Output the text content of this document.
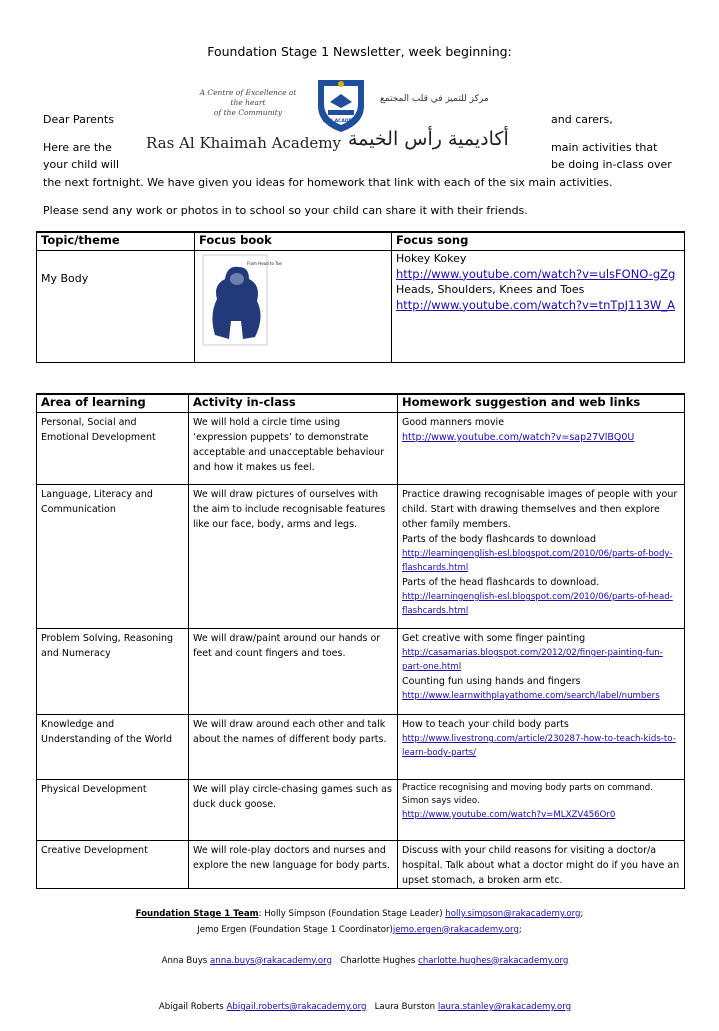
Foundation Stage 1 Newsletter, week beginning:
A Centre of Excellence at the heart
of the Community
RAK ACADEMY
مركز للتميز في قلب المجتمع
Ras Al Khaimah Academy أكاديمية رأس الخيمة
Dear Parents	and carers,
Here are the	main activities that
your child will	be doing in-class over
the next fortnight. We have given you ideas for homework that link with each of the six main activities.
Please send any work or photos in to school so your child can share it with their friends.
Topic/theme	Focus book	Focus song

My Body	From Head to Toe	Hokey Kokey
http://www.youtube.com/watch?v=ulsFONO-gZg
Heads, Shoulders, Knees and Toes
http://www.youtube.com/watch?v=tnTpJ113W_A
Area of learning	Activity in-class	Homework suggestion and web links
Personal, Social and Emotional Development	We will hold a circle time using ‘expression puppets’ to demonstrate acceptable and unacceptable behaviour and how it makes us feel.	Good manners movie
http://www.youtube.com/watch?v=sap27VlBQ0U

Language, Literacy and Communication	We will draw pictures of ourselves with the aim to include recognisable features like our face, body, arms and legs.	Practice drawing recognisable images of people with your child. Start with drawing themselves and then explore other family members.
Parts of the body flashcards to download
http://learningenglish-esl.blogspot.com/2010/06/parts-of-body-flashcards.html
Parts of the head flashcards to download.
http://learningenglish-esl.blogspot.com/2010/06/parts-of-head-flashcards.html

Problem Solving, Reasoning and Numeracy	We will draw/paint around our hands or feet and count fingers and toes.	Get creative with some finger painting
http://casamarias.blogspot.com/2012/02/finger-painting-fun-part-one.html
Counting fun using hands and fingers
http://www.learnwithplayathome.com/search/label/numbers

Knowledge and Understanding of the World	We will draw around each other and talk about the names of different body parts.	How to teach your child body parts
http://www.livestrong.com/article/230287-how-to-teach-kids-to-learn-body-parts/

Physical Development	We will play circle-chasing games such as duck duck goose.	Practice recognising and moving body parts on command. Simon says video.
http://www.youtube.com/watch?v=MLXZV456Or0

Creative Development	We will role-play doctors and nurses and explore the new language for body parts.	Discuss with your child reasons for visiting a doctor/a hospital. Talk about what a doctor might do if you have an upset stomach, a broken arm etc.
Foundation Stage 1 Team: Holly Simpson (Foundation Stage Leader) holly.simpson@rakacademy.org;
Jemo Ergen (Foundation Stage 1 Coordinator)jemo.ergen@rakacademy.org;

Anna Buys anna.buys@rakacademy.org   Charlotte Hughes charlotte.hughes@rakacademy.org

Abigail Roberts Abigail.roberts@rakacademy.org   Laura Burston laura.stanley@rakacademy.org
